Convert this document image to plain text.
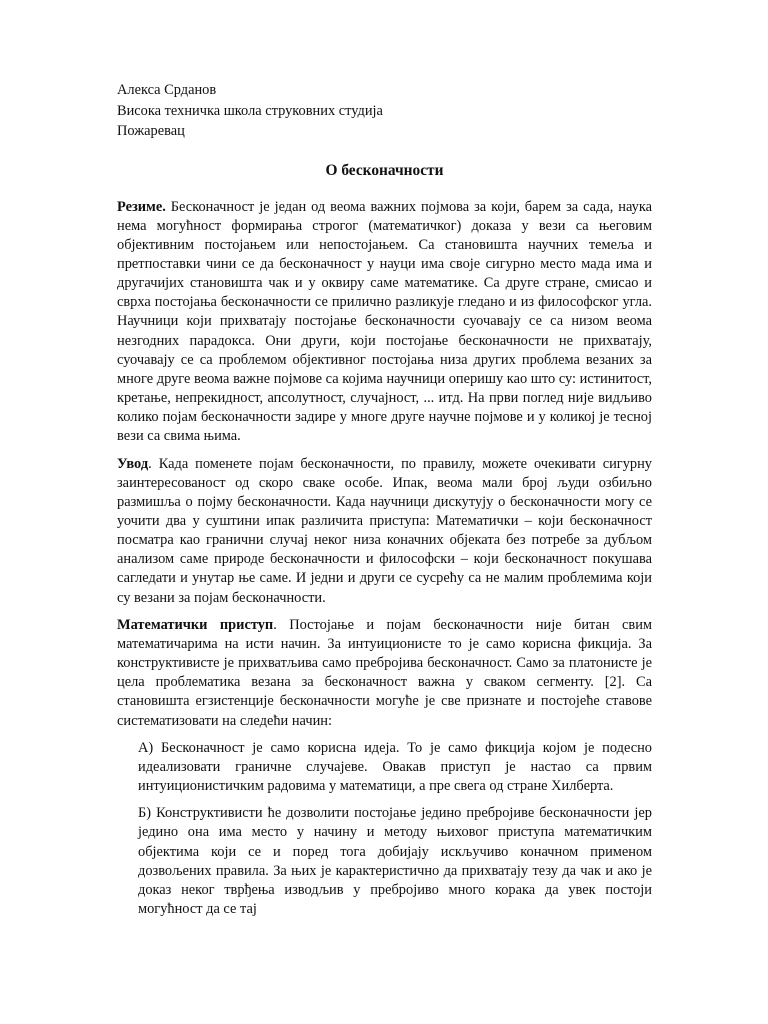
Алекса Срданов

Висока техничка школа струковних студија

Пожаревац

О бесконачности

Резиме. Бесконачност је један од веома важних појмова за који, барем за сада, наука нема могућност формирања строгог (математичког) доказа у вези са његовим објективним постојањем или непостојањем. Са становишта научних темеља и претпоставки чини се да бесконачност у науци има своје сигурно место мада има и другачијих становишта чак и у оквиру саме математике. Са друге стране, смисао и сврха постојања бесконачности се прилично разликује гледано и из философског угла. Научници који прихватају постојање бесконачности суочавају се са низом веома незгодних парадокса. Они други, који постојање бесконачности не прихватају, суочавају се са проблемом објективног постојања низа других проблема везаних за многе друге веома важне појмове са којима научници оперишу као што су: истинитост, кретање, непрекидност, апсолутност, случајност, ... итд. На први поглед није видљиво колико појам бесконачности задире у многе друге научне појмове и у коликој је тесној вези са свима њима.

Увод. Када поменете појам бесконачности, по правилу, можете очекивати сигурну заинтересованост од скоро сваке особе. Ипак, веома мали број људи озбиљно размишља о појму бесконачности. Када научници дискутују о бесконачности могу се уочити два у суштини ипак различита приступа: Математички – који бесконачност посматра као гранични случај неког низа коначних објеката без потребе за дубљом анализом саме природе бесконачности и философски – који бесконачност покушава сагледати и унутар ње саме. И једни и други се сусрећу са не малим проблемима који су везани за појам бесконачности.

Математички приступ. Постојање и појам бесконачности није битан свим математичарима на исти начин. За интуиционисте то је само корисна фикција. За конструктивисте је прихватљива само пребројива бесконачност. Само за платонисте је цела проблематика везана за бесконачност важна у сваком сегменту. [2]. Са становишта егзистенције бесконачности могуће је све признате и постојеће ставове систематизовати на следећи начин:

А) Бесконачност је само корисна идеја. То је само фикција којом је подесно идеализовати граничне случајеве. Овакав приступ је настао са првим интуиционистичким радовима у математици, а пре свега од стране Хилберта.

Б) Конструктивисти ће дозволити постојање једино пребројиве бесконачности јер једино она има место у начину и методу њиховог приступа математичким објектима који се и поред тога добијају искључиво коначном применом дозвољених правила. За њих је карактеристично да прихватају тезу да чак и ако је доказ неког тврђења изводљив у пребројиво много корака да увек постоји могућност да се тај
